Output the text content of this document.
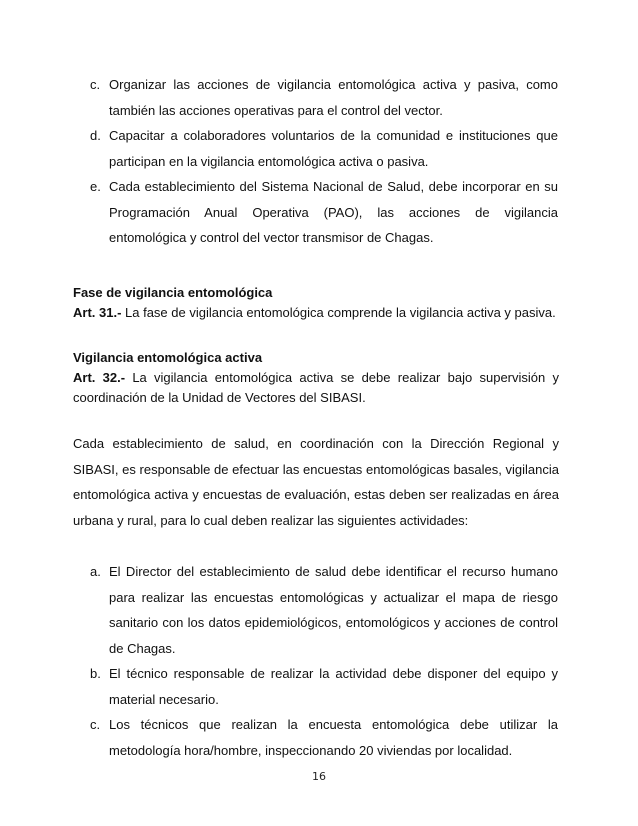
c. Organizar las acciones de vigilancia entomológica activa y pasiva, como también las acciones operativas para el control del vector.
d. Capacitar a colaboradores voluntarios de la comunidad e instituciones que participan en la vigilancia entomológica activa o pasiva.
e. Cada establecimiento del Sistema Nacional de Salud, debe incorporar en su Programación Anual Operativa (PAO), las acciones de vigilancia entomológica y control del vector transmisor de Chagas.
Fase de vigilancia entomológica
Art. 31.- La fase de vigilancia entomológica comprende la vigilancia activa y pasiva.
Vigilancia entomológica activa
Art. 32.- La vigilancia entomológica activa se debe realizar bajo supervisión y coordinación de la Unidad de Vectores del SIBASI.
Cada establecimiento de salud, en coordinación con la Dirección Regional y SIBASI, es responsable de efectuar las encuestas entomológicas basales, vigilancia entomológica activa y encuestas de evaluación, estas deben ser realizadas en área urbana y rural, para lo cual deben realizar las siguientes actividades:
a. El Director del establecimiento de salud debe identificar el recurso humano para realizar las encuestas entomológicas y actualizar el mapa de riesgo sanitario con los datos epidemiológicos, entomológicos y acciones de control de Chagas.
b. El técnico responsable de realizar la actividad debe disponer del equipo y material necesario.
c. Los técnicos que realizan la encuesta entomológica debe utilizar la metodología hora/hombre, inspeccionando 20 viviendas por localidad.
16
